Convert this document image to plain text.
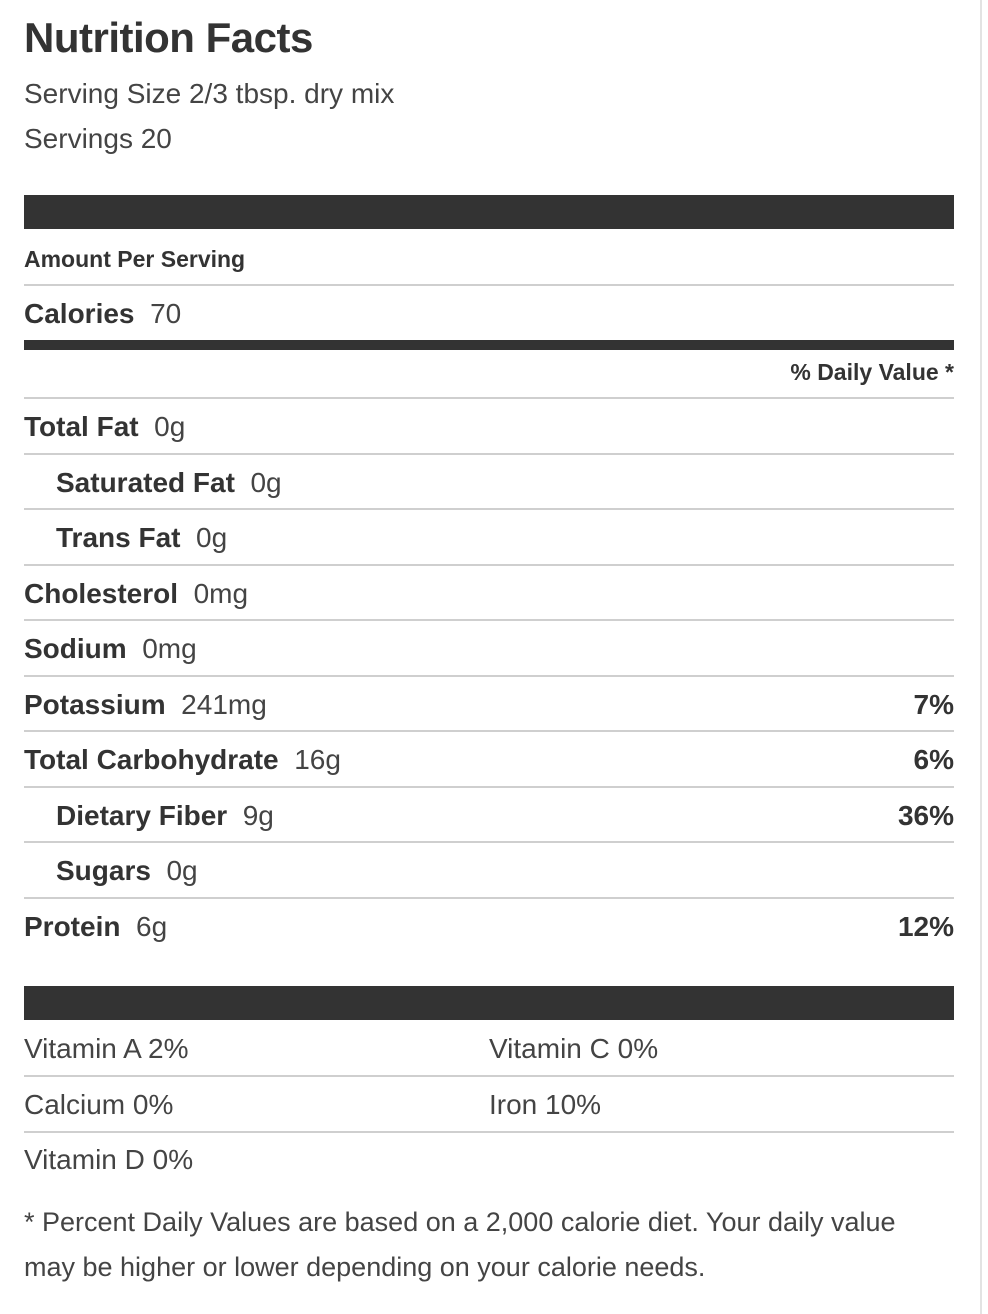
Nutrition Facts
Serving Size 2/3 tbsp. dry mix
Servings 20
Amount Per Serving
Calories  70
% Daily Value *
Total Fat  0g
Saturated Fat  0g
Trans Fat  0g
Cholesterol  0mg
Sodium  0mg
Potassium  241mg	7%
Total Carbohydrate  16g	6%
Dietary Fiber  9g	36%
Sugars  0g
Protein  6g	12%
Vitamin A 2%	Vitamin C 0%
Calcium 0%	Iron 10%
Vitamin D 0%
* Percent Daily Values are based on a 2,000 calorie diet. Your daily value may be higher or lower depending on your calorie needs.
